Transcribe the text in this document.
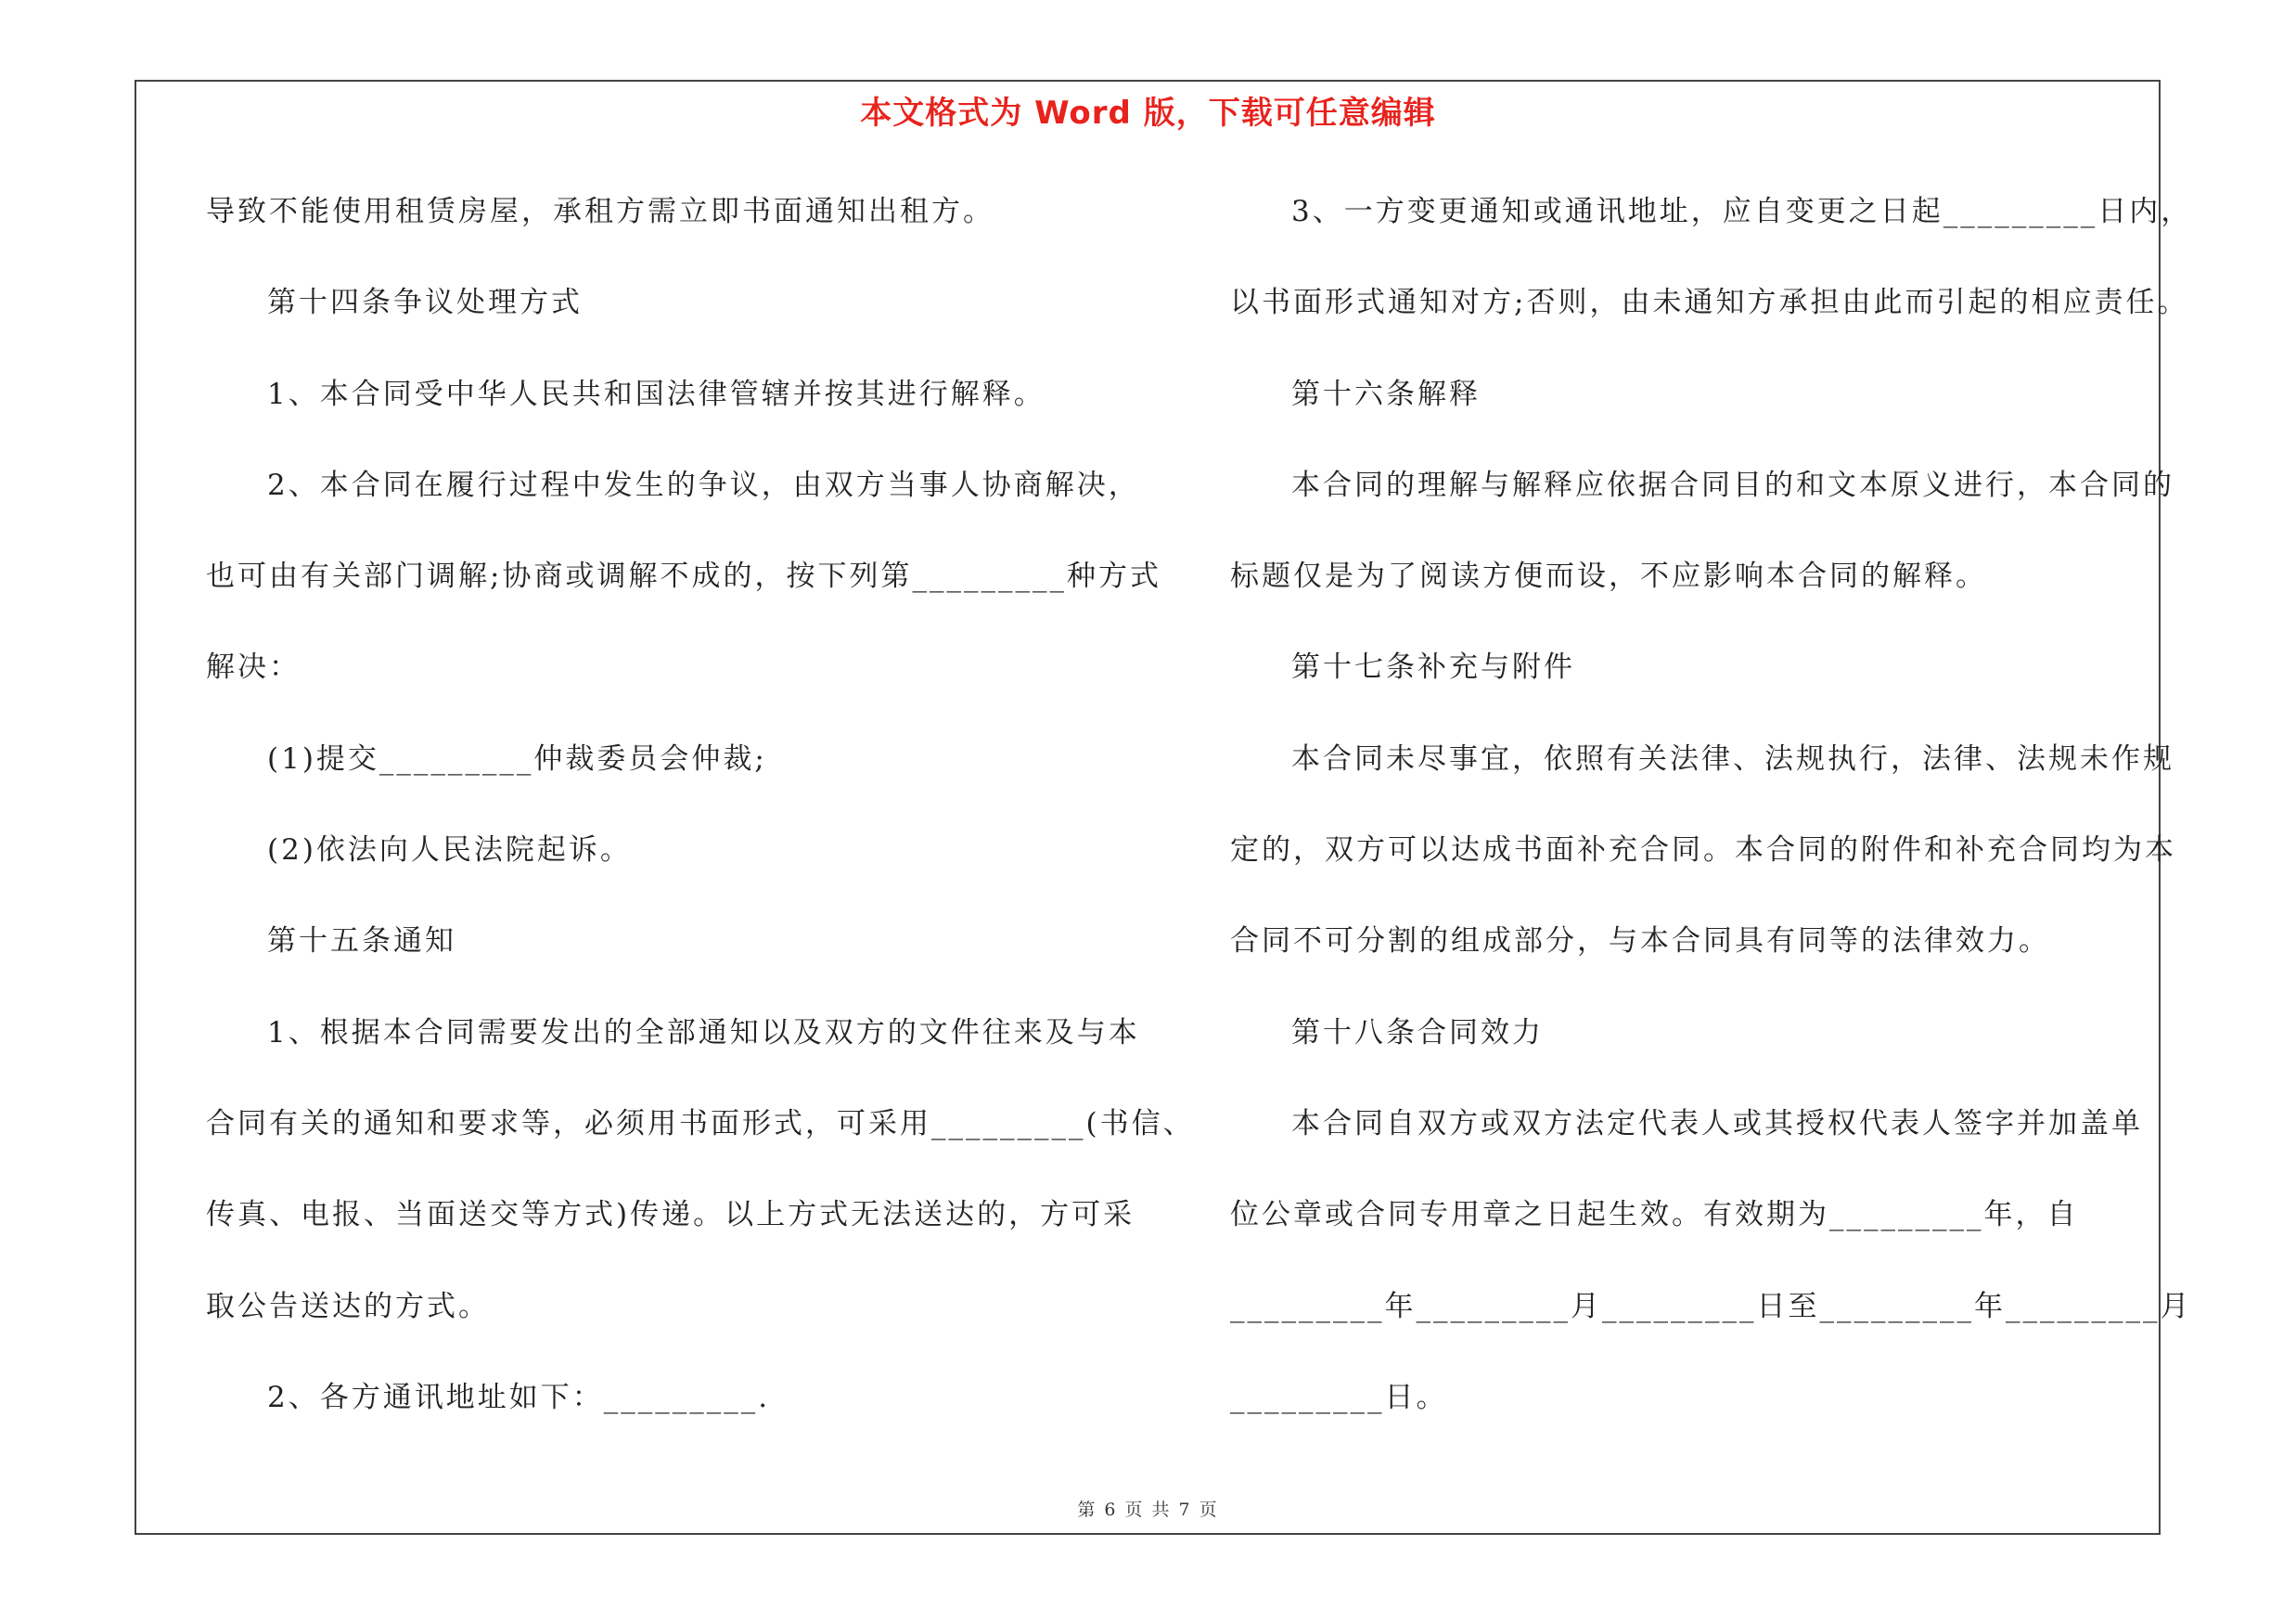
本文格式为 Word 版，下载可任意编辑
导致不能使用租赁房屋，承租方需立即书面通知出租方。
第十四条争议处理方式
1、本合同受中华人民共和国法律管辖并按其进行解释。
2、本合同在履行过程中发生的争议，由双方当事人协商解决，
也可由有关部门调解;协商或调解不成的，按下列第_________种方式
解决：
(1)提交_________仲裁委员会仲裁;
(2)依法向人民法院起诉。
第十五条通知
1、根据本合同需要发出的全部通知以及双方的文件往来及与本
合同有关的通知和要求等，必须用书面形式，可采用_________(书信、
传真、电报、当面送交等方式)传递。以上方式无法送达的，方可采
取公告送达的方式。
2、各方通讯地址如下：_________.
3、一方变更通知或通讯地址，应自变更之日起_________日内，
以书面形式通知对方;否则，由未通知方承担由此而引起的相应责任。
第十六条解释
本合同的理解与解释应依据合同目的和文本原义进行，本合同的
标题仅是为了阅读方便而设，不应影响本合同的解释。
第十七条补充与附件
本合同未尽事宜，依照有关法律、法规执行，法律、法规未作规
定的，双方可以达成书面补充合同。本合同的附件和补充合同均为本
合同不可分割的组成部分，与本合同具有同等的法律效力。
第十八条合同效力
本合同自双方或双方法定代表人或其授权代表人签字并加盖单
位公章或合同专用章之日起生效。有效期为_________年，自
_________年_________月_________日至_________年_________月
_________日。
第 6 页 共 7 页
